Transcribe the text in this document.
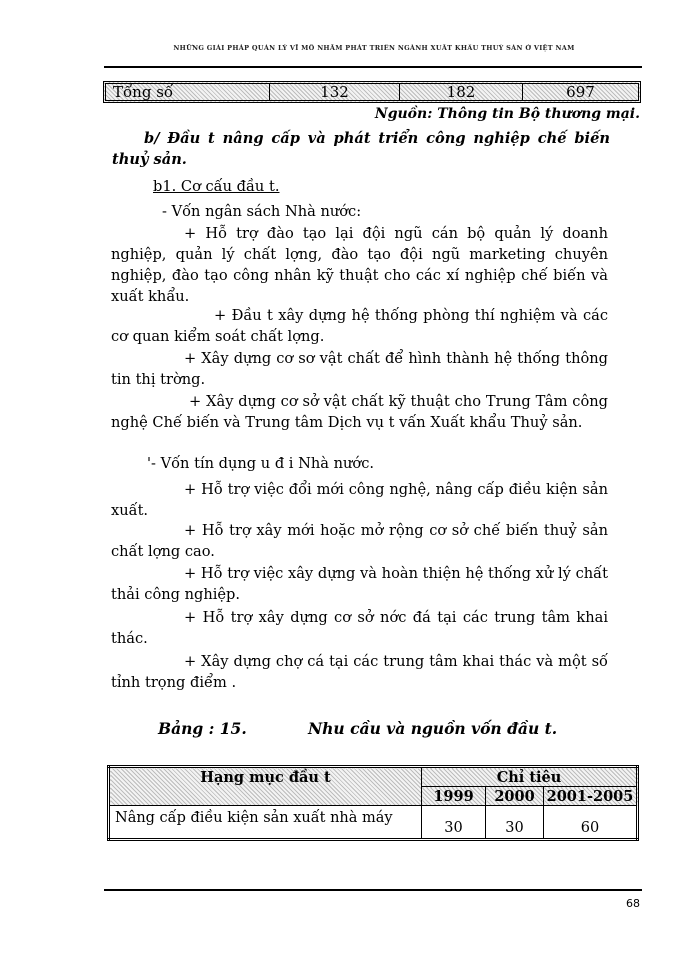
NHỮNG GIẢI PHÁP QUẢN LÝ VĨ MÔ NHẰM PHÁT TRIỂN NGÀNH XUẤT KHẨU THUỶ SẢN Ở VIỆT NAM
Tổng số	132	182	697

Nguồn: Thông tin Bộ thương mại.

b/ Đầu t nâng cấp và phát triển công nghiệp chế biến thuỷ sản.

b1. Cơ cấu đầu t.

- Vốn ngân sách Nhà nước:

+ Hỗ trợ đào tạo lại đội ngũ cán bộ quản lý doanh nghiệp, quản lý chất lợng, đào tạo đội ngũ marketing chuyên nghiệp, đào tạo công nhân kỹ thuật cho các xí nghiệp chế biến và xuất khẩu.

+ Đầu t xây dựng hệ thống phòng thí nghiệm và các cơ quan kiểm soát chất lợng.

+ Xây dựng cơ sơ vật chất để hình thành hệ thống thông tin thị trờng.

+ Xây dựng cơ sở vật chất kỹ thuật cho Trung Tâm công nghệ Chế biến và Trung tâm Dịch vụ t vấn Xuất khẩu Thuỷ sản.

'- Vốn tín dụng u đ i Nhà nước.

+ Hỗ trợ việc đổi mới công nghệ, nâng cấp điều kiện sản xuất.

+ Hỗ trợ xây mới hoặc mở rộng cơ sở chế biến thuỷ sản chất lợng cao.

+ Hỗ trợ việc xây dựng và hoàn thiện hệ thống xử lý chất thải công nghiệp.

+ Hỗ trợ xây dựng cơ sở nớc đá tại các trung tâm khai thác.

+ Xây dựng chợ cá tại các trung tâm khai thác và một số tỉnh trọng điểm .

Bảng : 15.	Nhu cầu và nguồn vốn đầu t.

Hạng mục đầu t	Chỉ tiêu		
	1999	2000	2001-2005
Nâng cấp điều kiện sản xuất nhà máy	30	30	60
68
